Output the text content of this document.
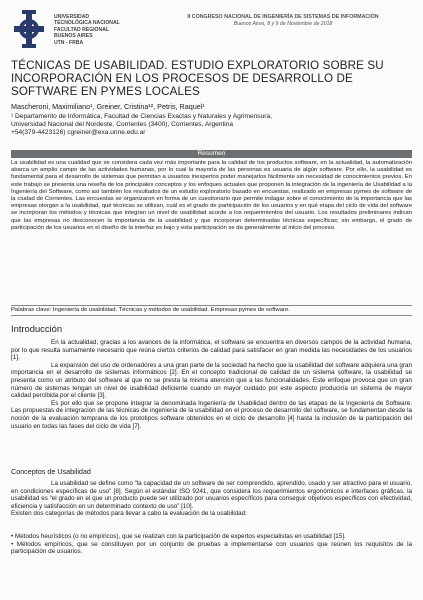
UNIVERSIDAD
TECNOLÓGICA NACIONAL
FACULTAD REGIONAL
BUENOS AIRES
UTN - FRBA
II CONGRESO NACIONAL DE INGENIERÍA DE SISTEMAS DE INFORMACIÓN
Buenos Aires, 8 y 9 de Noviembre de 2018
TÉCNICAS DE USABILIDAD. ESTUDIO EXPLORATORIO SOBRE SU INCORPORACIÓN EN LOS PROCESOS DE DESARROLLO DE SOFTWARE EN PYMES LOCALES
Mascheroni, Maximiliano¹, Greiner, Cristina¹², Petris, Raquel¹
¹ Departamento de Informática, Facultad de Ciencias Exactas y Naturales y Agrimensura,
Universidad Nacional del Nordeste, Corrientes (3400), Corrientes, Argentina
+54(379-4423126) cgreiner@exa.unne.edu.ar
Resumen
La usabilidad es una cualidad que se considera cada vez más importante para la calidad de los productos software, en la actualidad, la automatización abarca un amplio campo de las actividades humanas, por lo cual la mayoría de las personas es usuaria de algún software. Por ello, la usabilidad es fundamental para el desarrollo de sistemas que permitan a usuarios inexpertos poder manejarlos fácilmente sin necesidad de conocimientos previos. En este trabajo se presenta una reseña de los principales conceptos y los enfoques actuales que proponen la integración de la ingeniería de Usabilidad a la Ingeniería del Software, como así también los resultados de un estudio exploratorio basado en encuestas, realizado en empresas pymes de software de la ciudad de Corrientes. Las encuestas se organizaron en forma de un cuestionario que permite indagar sobre el conocimiento de la importancia que las empresas otorgan a la usabilidad, qué técnicas se utilizan, cuál es el grado de participación de los usuarios y en qué etapa del ciclo de vida del software se incorporan los métodos y técnicas que integran un nivel de usabilidad acorde a los requerimientos del usuario. Los resultados preliminares indican que las empresas no desconocen la importancia de la usabilidad y que incorporan determinadas técnicas específicas; sin embargo, el grado de participación de los usuarios en el diseño de la interfaz es bajo y esta participación se da generalmente al inicio del proceso.
Palabras clave: Ingeniería de usabilidad. Técnicas y métodos de usabilidad. Empresas pymes de software.
Introducción

En la actualidad, gracias a los avances de la informática, el software se encuentra en diversos campos de la actividad humana, por lo que resulta sumamente necesario que reúna ciertos criterios de calidad para satisfacer en gran medida las necesidades de los usuarios [1].

La expansión del uso de ordenadores a una gran parte de la sociedad ha hecho que la usabilidad del software adquiera una gran importancia en el desarrollo de sistemas informáticos [2]. En el concepto tradicional de calidad de un sistema software, la usabilidad se presenta como un atributo del software al que no se presta la misma atención que a las funcionalidades. Este enfoque provoca que un gran número de sistemas tengan un nivel de usabilidad deficiente cuando un mayor cuidado por este aspecto produciría un sistema de mayor calidad percibida por el cliente [3].

Es por ello que se propone integrar la denominada Ingeniería de Usabilidad dentro de las etapas de la Ingeniería de Software. Las propuestas de integración de las técnicas de ingeniería de la usabilidad en el proceso de desarrollo del software, se fundamentan desde la noción de la evaluación temprana de los prototipos software obtenidos en el ciclo de desarrollo [4] hasta la inclusión de la participación del usuario en todas las fases del ciclo de vida [7].

Conceptos de Usabilidad

La usabilidad se define como “la capacidad de un software de ser comprendido, aprendido, usado y ser atractivo para el usuario, en condiciones específicas de uso” [8]. Según el estándar ISO 9241, que considera los requerimientos ergonómicos e interfaces gráficas, la usabilidad es “el grado en el que un producto puede ser utilizado por usuarios específicos para conseguir objetivos específicos con efectividad, eficiencia y satisfacción en un determinado contexto de uso” [10].

Existen dos categorías de métodos para llevar a cabo la evaluación de la usabilidad:
• Métodos heurísticos (o no empíricos), que se realizan con la participación de expertos especialistas en usabilidad [15].
• Métodos empíricos, que se constituyen por un conjunto de pruebas a implementarse con usuarios que reúnen los requisitos de la participación de usuarios.
